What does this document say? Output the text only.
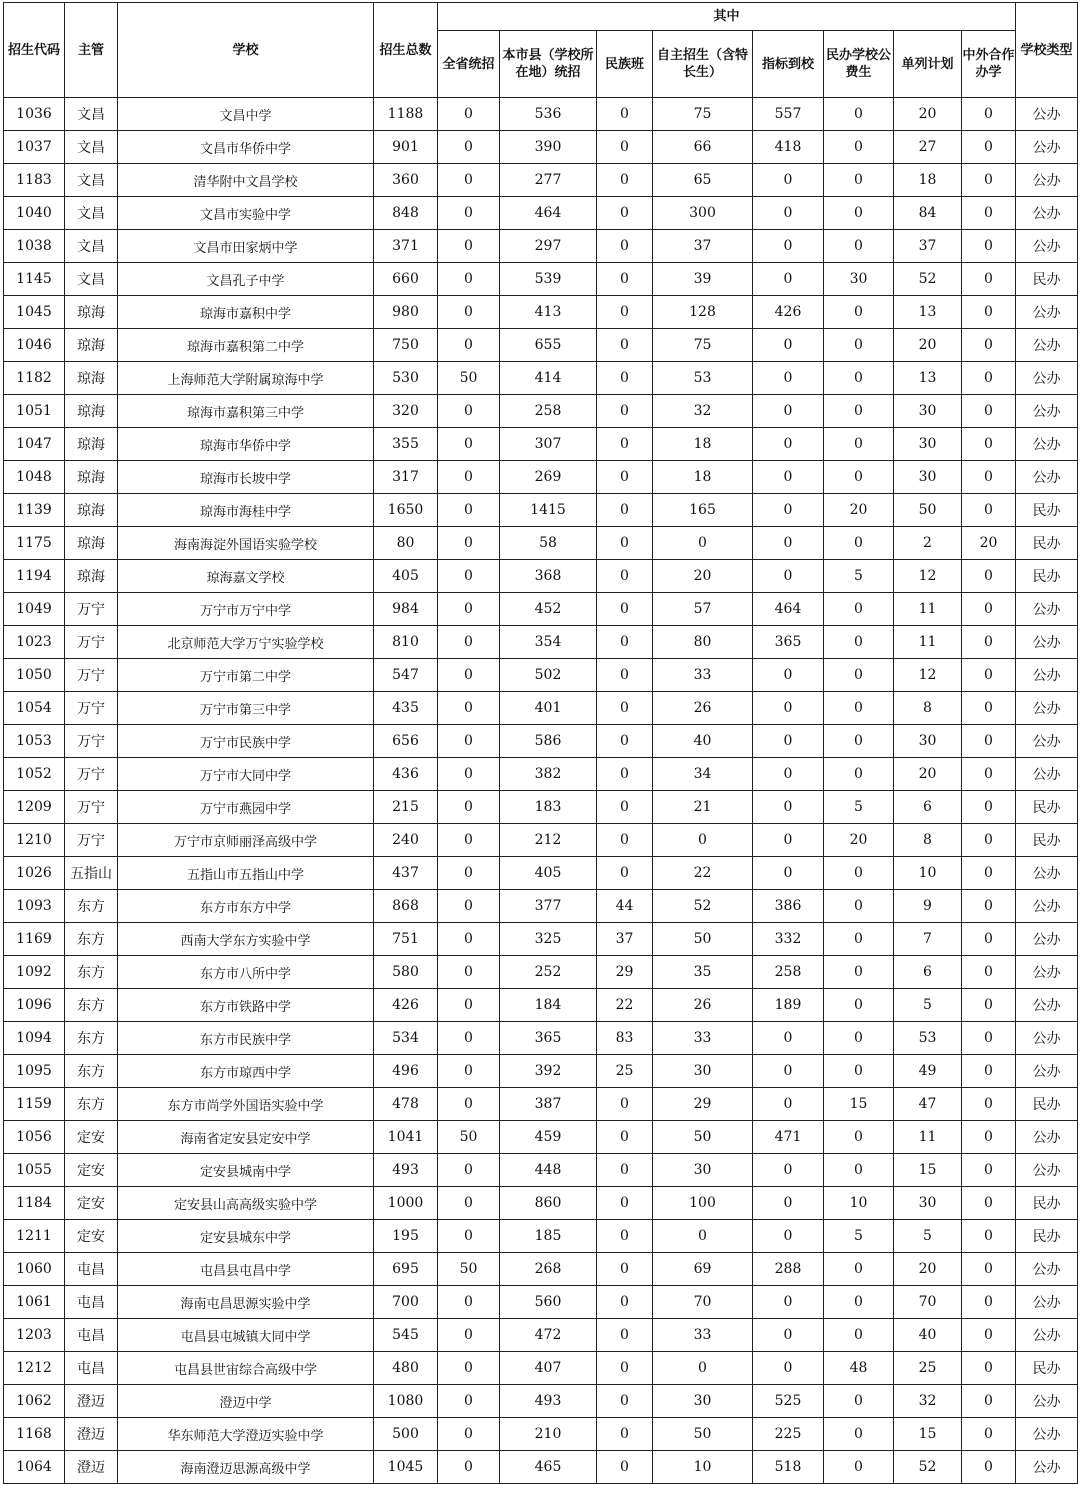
招生代码	主管	学校	招生总数	其中								学校类型
				全省统招	本市县（学校所在地）统招	民族班	自主招生（含特长生）	指标到校	民办学校公费生	单列计划	中外合作办学	
1036	文昌	文昌中学	1188	0	536	0	75	557	0	20	0	公办
1037	文昌	文昌市华侨中学	901	0	390	0	66	418	0	27	0	公办
1183	文昌	清华附中文昌学校	360	0	277	0	65	0	0	18	0	公办
1040	文昌	文昌市实验中学	848	0	464	0	300	0	0	84	0	公办
1038	文昌	文昌市田家炳中学	371	0	297	0	37	0	0	37	0	公办
1145	文昌	文昌孔子中学	660	0	539	0	39	0	30	52	0	民办
1045	琼海	琼海市嘉积中学	980	0	413	0	128	426	0	13	0	公办
1046	琼海	琼海市嘉积第二中学	750	0	655	0	75	0	0	20	0	公办
1182	琼海	上海师范大学附属琼海中学	530	50	414	0	53	0	0	13	0	公办
1051	琼海	琼海市嘉积第三中学	320	0	258	0	32	0	0	30	0	公办
1047	琼海	琼海市华侨中学	355	0	307	0	18	0	0	30	0	公办
1048	琼海	琼海市长坡中学	317	0	269	0	18	0	0	30	0	公办
1139	琼海	琼海市海桂中学	1650	0	1415	0	165	0	20	50	0	民办
1175	琼海	海南海淀外国语实验学校	80	0	58	0	0	0	0	2	20	民办
1194	琼海	琼海嘉文学校	405	0	368	0	20	0	5	12	0	民办
1049	万宁	万宁市万宁中学	984	0	452	0	57	464	0	11	0	公办
1023	万宁	北京师范大学万宁实验学校	810	0	354	0	80	365	0	11	0	公办
1050	万宁	万宁市第二中学	547	0	502	0	33	0	0	12	0	公办
1054	万宁	万宁市第三中学	435	0	401	0	26	0	0	8	0	公办
1053	万宁	万宁市民族中学	656	0	586	0	40	0	0	30	0	公办
1052	万宁	万宁市大同中学	436	0	382	0	34	0	0	20	0	公办
1209	万宁	万宁市燕园中学	215	0	183	0	21	0	5	6	0	民办
1210	万宁	万宁市京师丽泽高级中学	240	0	212	0	0	0	20	8	0	民办
1026	五指山	五指山市五指山中学	437	0	405	0	22	0	0	10	0	公办
1093	东方	东方市东方中学	868	0	377	44	52	386	0	9	0	公办
1169	东方	西南大学东方实验中学	751	0	325	37	50	332	0	7	0	公办
1092	东方	东方市八所中学	580	0	252	29	35	258	0	6	0	公办
1096	东方	东方市铁路中学	426	0	184	22	26	189	0	5	0	公办
1094	东方	东方市民族中学	534	0	365	83	33	0	0	53	0	公办
1095	东方	东方市琼西中学	496	0	392	25	30	0	0	49	0	公办
1159	东方	东方市尚学外国语实验中学	478	0	387	0	29	0	15	47	0	民办
1056	定安	海南省定安县定安中学	1041	50	459	0	50	471	0	11	0	公办
1055	定安	定安县城南中学	493	0	448	0	30	0	0	15	0	公办
1184	定安	定安县山高高级实验中学	1000	0	860	0	100	0	10	30	0	民办
1211	定安	定安县城东中学	195	0	185	0	0	0	5	5	0	民办
1060	屯昌	屯昌县屯昌中学	695	50	268	0	69	288	0	20	0	公办
1061	屯昌	海南屯昌思源实验中学	700	0	560	0	70	0	0	70	0	公办
1203	屯昌	屯昌县屯城镇大同中学	545	0	472	0	33	0	0	40	0	公办
1212	屯昌	屯昌县世宙综合高级中学	480	0	407	0	0	0	48	25	0	民办
1062	澄迈	澄迈中学	1080	0	493	0	30	525	0	32	0	公办
1168	澄迈	华东师范大学澄迈实验中学	500	0	210	0	50	225	0	15	0	公办
1064	澄迈	海南澄迈思源高级中学	1045	0	465	0	10	518	0	52	0	公办
